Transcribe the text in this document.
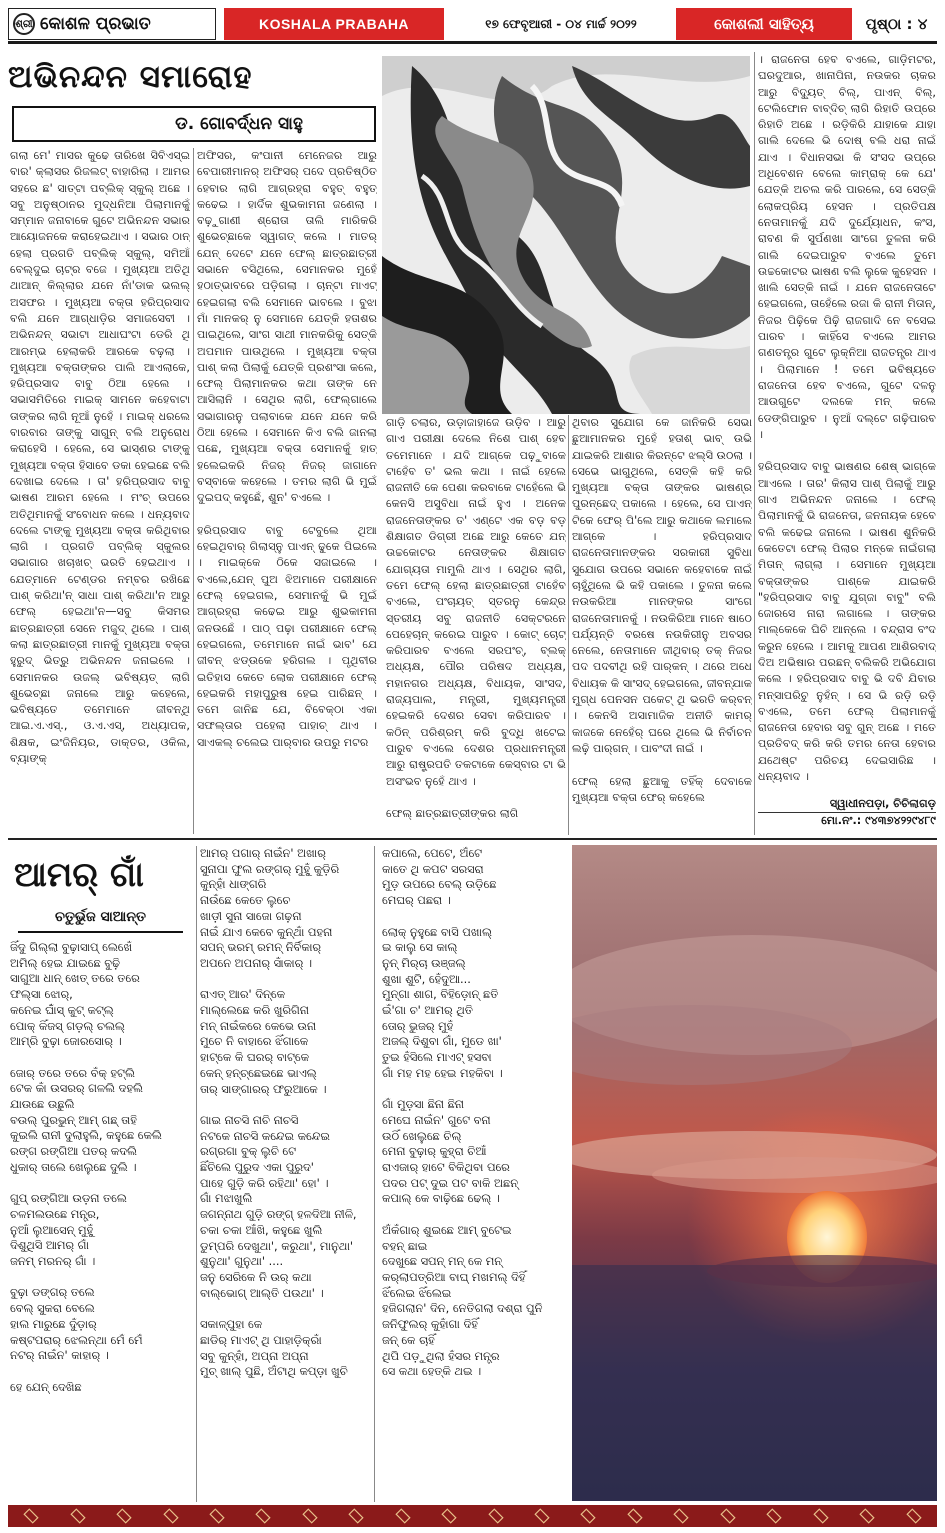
ଶ୍ରୀ କୋଶଳ ପ୍ରଭାତ	KOSHALA PRABAHA	୧୭ ଫେବୃଆରୀ - ୦୪ ମାର୍ଚ୍ଚ ୨୦୨୨	କୋଶଲୀ ସାହିତ୍ୟ	ପୃଷ୍ଠା : ୪
ଅଭିନନ୍ଦନ ସମାରୋହ
ଡ. ଗୋବର୍ଦ୍ଧନ ସାହୁ
ଗଲା ମେ' ମାସର କୁଢେ ତାରିଖେ ସିବିଏସ୍‌ଇ ବାର' କ୍ଲାସର ରିଜଲଟ୍ ବାହାରିଲା । ଆମର ସହରେ ଛ' ସାତ୍‌ଟା ପବ୍‌ଲିକ୍ ସ୍କୁଲ୍ ଅଛେ । ସବୁ ଅନୁଷ୍ଠାନର ମୁଦ୍ଧନିଆ ପିଲାମାନକୁଁ ସମ୍ମାନ ଜନାବାକେ ଗୁଟେ ଅଭିନନ୍ଦନ ସଭାର ଆୟୋଜନକେ କରାହେଇଥାଏ । ସଭାର ଠାନ୍ ହେଲା ପ୍ରଗତି ପବ୍‌ଲିକ୍ ସ୍କୁଲ୍, ସମିଆଁ ବେଲ୍‌ଦୁଇ ଚାଟ୍‌ର ବଜେ । ମୁଖ୍ୟଆ ଅତିଥି ଥାଆନ୍ କିଲ୍ଲାର ଯନେ ନାଁ'ଡାକ ଭଲଲ୍ ଅସଫର । ମୁଖ୍ୟଆ ବକ୍ତା ହରିପ୍ରସାଦ ବଲି ଯନେ ଆଗ୍‌ଧାଡ଼ିର ସମାଜସେବୀ । ଅଭିନନ୍ଦନ୍ ସଭାଟା ଆଧାଘଂଟା ଡେରି ଥି ଆରମ୍ଭ ହେଲାକରି ଆରକେ ବଢ଼ଲା । ମୁଖ୍ୟଆ ବକ୍ତାଙ୍କର ପାଲି ଆଏଲାକେ, ହରିପ୍ରସାଦ ବାବୁ ଠିଆ ହେଲେ । ସଭାସମିତିରେ ମାଇକ୍ ସାମନେ କହେବାଟା ତାଙ୍କର ଲାଗି ନୂଆଁ ନୁହେଁ । ମାଇକ୍ ଧରଲେ ବାରବାର ତାଙ୍କୁ ସାଗୁନ୍ ବଲି ଅନୁରୋଧ କରାହେସି । ହେଲେ, ସେ ଭାସ୍‌ଣର ଟାଙ୍କୁ ମୁଖ୍ୟଆ ବକ୍ତା ହିସାବେ ଡକା ହେଇଛେ ବଲି ଦେଖାଇ ଦେଲେ । ତା' ହରିପ୍ରସାଦ ବାବୁ ଭାଷଣ ଆରମ ହେଲେ । ମଂଚ୍ ଉପରେ ଅତିଥିମାନକୁଁ ସଂବୋଧନ କଲେ । ଧନ୍ୟବାଦ ଦେଲେ ଟାଙ୍କୁ ମୁଖ୍ୟଆ ବକ୍ତା କରିଥିବାର ଲାଗି । ପ୍ରଗତି ପବ୍‌ଲିକ୍ ସ୍କୁଲର ସଭାଗାର ଖଚାଖଚ୍ ଭରତି ହେଇଥାଏ । ଯେତ୍‌ମାନେ ଟେଣ୍ଡର ନମ୍ବର ରଖିଛେ ପାଶ୍ କରିଥା'ନ୍ ସାଧା ପାଶ୍ କରିଥା'ନ ଆରୁ ଫେଲ୍ ହେଇଥା'ନ—ସବୁ କିସମର ଛାତ୍ରଛାତ୍ରୀ ସେନେ ମଜୁଦ୍ ଥିଲେ । ପାଶ୍ କଲା ଛାତ୍ରଛାତ୍ରୀ ମାନକୁଁ ମୁଖ୍ୟଆ ବକ୍ତା ହୁରୁଦ୍ ଭିତ୍ରୁ ଅଭିନନ୍ଦନ ଜନାଇଲେ । ସେମାନକର ଉଜଲ୍ ଭବିଷ୍ୟତ୍ ଲାଗି ଶୁଭେଚ୍ଛା ଜନାଲେ ଆରୁ କହେଲେ, ଭବିଷ୍ୟତେ ତମେମାନେ ଜୀବନ୍‌ଥି ଆଇ.ଏ.ଏସ୍., ଓ.ଏ.ଏସ୍, ଅଧ୍ୟାପକ, ଶିକ୍ଷକ, ଇଂଜିନିୟର, ଡାକ୍ତର, ଓକିଲ, ବ୍ୟାଙ୍କ୍
ଅଫିସର, କଂପାନୀ ମେନେଜର ଆରୁ ବେପାରୀମାନର୍ ଅଫିସର୍ ପଦେ ପ୍ରତିଷ୍ଠିତ ହେବାର ଲାଗି ଆଗ୍ରହ୍‌ରା ବହୁତ୍ ବହୁତ୍ କଢେଇ । ହାର୍ଦିକ ଶୁଭକାମନା ଜଣେଲା । ବଢ଼ୁଗାଣୀ ଶ୍ରୋତା ତାଲି ମାରିକରି ଶୁଭେଚ୍ଛାକେ ସ୍ୱାଗତ୍ କଲେ । ମାତର୍ ଯେନ୍ ଦେଟେ ଯନେ ଫେଲ୍ ଛାତ୍ରଛାତ୍ରୀ ସଭାନେ ବସିଥିଲେ, ସେମାନକର ମୁହେଁ ହଠାତ୍‌ଭାବରେ ପଡ଼ିଗଲା । ଚାନ୍‌ଟା ମାଏଟ୍ ହେଇଗଲା ବଲି ସେମାନେ ଭାବଲେ । ବୁଝା ମାଁ ମାନକର୍ ନୁ ସେମାନେ ଯେତ୍‌କି ହତାଶର ପାଇଥିଲେ, ସାଂଗ ସାଥୀ ମାନକରିକୁ ସେତ୍‌କି ଅପମାନ ପାଉଥିଲେ । ମୁଖ୍ୟଆ ବକ୍ତା ପାଶ୍ କଲା ପିଲାକୁଁ ଯେତ୍‌କି ପ୍ରଶଂସା କଲେ, ଫେଲ୍ ପିଲାମାନକର କଥା ତାଙ୍କ ନେ ଆସିଲାନି । ସେଥିର ଲାଗି, ଫେଲ୍‌ଗାଲେ ସଭାଗାରନୁ ପଲାବାକେ ଯନେ ଯନେ କରି ଠିଆ ହେଲେ । ସେମାନେ କିଏ ବଲି ଜାନଲା ପଛେ, ମୁଖ୍ୟଆ ବକ୍ତା ସେମାନକୁଁ ହାତ୍ ହଲେଇକରି ନିଜର୍ ନିଜର୍ ଜାଗାନେ ବସ୍‌ବାକେ କହେଲେ । ତମର ଲାଗି ଭି ମୁଇଁ ଦୁଇପଦ୍ କହୁଛେଁ, ଶୁନ' ବଏଲେ ।

ହରିପ୍ରସାଦ ବାବୁ ଟେବୁଲେ ଥିଆ ହେଇଥିବାର୍ ଗିଲାସ୍‌ନୁ ପାଏନ୍ ଢୁକେ ପିଇଲେ । ମାଇକ୍‌କେ ଠିକେ ସଜାଇଲେ । ବଏଲେ,ଯେନ୍ ପୁଅ ଝିଅମାନେ ପରୀକ୍ଷାନେ ଫେଲ୍ ହେଇଗଲ, ସେମାନକୁଁ ଭି ମୁଇଁ ଆଗ୍ରହ୍‌ରା କଢେଇ ଆରୁ ଶୁଭକାମନା ଜନଉଛେଁ । ପାଠ୍ ପଢ଼ା ପରୀକ୍ଷାନେ ଫେଲ୍ ହେଇଗଲେ, ତମେମାନେ ନାଇଁ ଭାବ' ଯେ ଜୀବନ୍ ଝଡ୍‌ଉକେ ହରିଗଲ । ପୃଥିବୀର ଇତିହାସ କେତେ ଲୋକ ପରୀକ୍ଷାନେ ଫେଲ୍ ହେଇକରି ମହାପୁରୁଷ ହେଇ ପାରିଛନ୍ । ତମେ ଜାନିଛ ଯେ, ବିବେକ୍‌ଠା ଏକା ସଫଲ୍‌ତାର ପହେଲା ପାହାଚ୍ ଥାଏ । ସାଏକଲ୍ ଚଲେଇ ପାର୍‌ବାର ଉପରୁ ମଟର
ଗାଡ଼ି ଚଲାର, ଉଡ଼ାଜାହାଜେ ଉଡ଼ିବ । ଆରୁ ଗାଏ ପରୀକ୍ଷା ଦେଲେ ନିଶେ ପାଶ୍ ହେବ ତମେମାନେ । ଯଦି ଆଗ୍‌କେ ପଢ଼ୁବାକେ ଟାହେଁବ ତ' ଭଲ କଥା । ନାଇଁ ହେଲେ ରାଜନୀତି କେ ପେଶା କରବାକେ ଟାହେଁଲେ ଭି କେନସି ଅସୁବିଧା ନାଇଁ ହୁଏ । ଅନେକ ରାଜନେତାଙ୍କର ତ' ଏଣ୍ଟେ ଏକ ବଡ଼ ବଡ଼ ଶିକ୍ଷାଗତ ଡିଗ୍ରୀ ଅଛେ ଆରୁ କେତେ ଯନ୍ ଉଚ୍ଚକୋଟର ନେତାଙ୍କର ଶିକ୍ଷାଗତ ଯୋଗ୍ୟତା ମାମୁଲି ଥାଏ । ସେଥିର ଲାଗି, ତମେ ଫେଲ୍ ହେଲା ଛାତ୍ରଛାତ୍ରୀ ଟାହେଁବ ବଏଲେ, ପଂଚାୟତ୍ ସ୍ତରନୁ କେନ୍ଦ୍ର ସ୍ତରୀୟ ସବୁ ରାଜନୀତି ସେକ୍ଟରନେ ପେହେଚାନ୍ କରେଇ ପାରୁବ । କୋଟ୍ ଚୋଟ୍ କରିପାରବ ବଏଲେ ସରପଂଚ୍, ବ୍ଲକ୍ ଅଧ୍ୟକ୍ଷ, ପୌର ପରିଷଦ ଅଧ୍ୟକ୍ଷ, ମହାନଗର ଅଧ୍ୟକ୍ଷ, ବିଧାୟକ, ସାଂସଦ, ରାଜ୍ୟପାଲ, ମନ୍ତ୍ରୀ, ମୁଖ୍ୟମନ୍ତ୍ରୀ ହେଇକରି ଦେଶର ସେବା କରିପାରବ । କଠିନ୍ ପରିଶ୍ରମ୍ କରି ବୁଦ୍ଧି ଖଟେଇ ପାରୁବ ବଏଲେ ଦେଶର ପ୍ରଧାନମନ୍ତ୍ରୀ ଆରୁ ରାଷ୍ଟ୍ରପତି ତକଟାକେ କେସ୍‌ବାର ଟା ଭି ଅସଂଭବ ନୁହେଁ ଥାଏ ।

ଫେଲ୍ ଛାତ୍ରଛାତ୍ରୀଙ୍କର ଲାଗି
ଥିବାର ସୁଯୋଗ କେ ଜାନିକରି ସେଭା ଛୁଆମାନକର ମୁହେଁ ହତାଶ୍ ଭାବ୍ ଉଭି ଯାଇକରି ଆଶାର କିରନ୍‌ଟେ ଝଲ୍‌ସି ଉଠଲା । ସେଭେ ଭାଗୁଥିଲେ, ସେତ୍‌କି କହି କରି ମୁଖ୍ୟଆ ବକ୍ତା ତାଙ୍କର ଭାଷଣ୍‌ର ପୁରନ୍‌ଛେଦ୍ ପକାଲେ । ହେଲେ, ସେ ପାଏନ୍ ଟିକେ ଫେର୍ ପି'ଲେ ଆରୁ କଥାକେ ଲମାଲେ ଆଗ୍‌କେ । ହରିପ୍ରସାଦ ରାଜନେତାମାନଙ୍କର ସରକାରୀ ସୁବିଧା ସୁଯୋଗ ଉପରେ ସଭାନେ କହେବାକେ ନାଇଁ ଚାହୁଁଥିଲେ ଭି କହି ପକାଲେ । ତୁଳନା କଲେ ନଉକରିଆ ମାନଙ୍କର ସାଂଗେ ରାଜନେତାମାନକୁଁ । ନଉକିରିଆ ମାନେ ଷାଠେ ପର୍ଯ୍ୟନ୍ତି ବରଷେ ନଉକିରୀନୁ ଅବସର ନେଲେ, ନେତାମାନେ ଜୀଥିବାର୍ ତକ୍ ନିଜର ପଦ ପଦବୀଥି ରହି ପାର୍‌କନ୍ । ଥରେ ଅଧେ ବିଧାୟକ କି ସାଂସଦ୍ ହେଇଗଲେ, ଜୀବନ୍‌ଯାକ ମୁଗ୍ଧ ପେନସନ ପକେଟ୍ ଥି ଭରତି କର୍‌ବନ୍ । କେନସି ଅସାମାଜିକ ଅନୀତି କାମର୍ କାଜକେ ନେହେଁର୍ ଘରେ ଥିଲେ ଭି ନିର୍ବାଚନ ଲଢ଼ି ପାର୍‌ଗନ୍ । ପାବଂଦୀ ନାଇଁ ।

ଫେଲ୍ ହେଲା ଛୁଆକୁ ତହିଁକ୍ ଦେବାକେ ମୁଖ୍ୟଆ ବକ୍ତା ଫେର୍ କହେଲେ
। ରାଜନେତା ହେବ ବଏଲେ, ଗାଡ଼ିମଟର, ଘରଦୁଆର, ଖାନାପିନା, ନଉକର ଚାକର ଆରୁ ବିଦ୍ୟୁତ୍ ବିଲ୍, ପାଏନ୍ ବିଲ୍, ଟେଲିଫୋନ ବାବ୍‌ଦିଚ୍ ଲାଗି ରିହାତି ଉପ୍‌ରେ ରିହାତି ଅଛେ । ରଡ଼ିକିରି ଯାହାକେ ଯାହା ଗାଲି ଦେଲେ ଭି ଦୋଷ୍ ବଲି ଧରା ନାଇଁ ଯାଏ । ବିଧାନସଭା କି ସଂସଦ ଉପ୍‌ରେ ଅଧିବେଶନ ବେଲେ କାମ୍‌ରାକ୍ କେ ଯେ' ଯେତ୍‌କି ଅଚଲ କରି ପାରଲେ, ସେ ସେତ୍‌କି ଲୋକପ୍ରିୟ ହେସନ । ପ୍ରତିପକ୍ଷ ନେତାମାନକୁଁ ଯଦି ଦୁର୍ଯ୍ୟୋଧନ, କଂସ, ରାବଣ କି ସୁର୍ପଣଖା ସାଂଗେ ତୁଳନା କରି ଗାଲି ଦେଇପାରୁବ ବଏଲେ ତୁମେ ଉଚ୍ଚକୋଟର ଭାଷଣ ବଲି ଲୁକେ କୁହେସନ । ଖାଲି ସେତ୍‌କି ନାଇଁ । ଯନେ ରାଜନେତାଟେ ହେଇଗଲେ, ତାହେଁଲେ ରଜା କି ରାନୀ ମିତାନ୍, ନିଜର ପିଢ଼ିକେ ପିଢ଼ି ରାଜଗାଦି ନେ ବସେଇ ପାରବ । କାହିଁସେ ବଏଲେ ଆମର ଗଣତନ୍ତ୍ର ଗୁଟେ ଲୁକ୍‌ନିଆ ରାଜତନ୍ତ୍ର ଥାଏ । ପିଲାମାନେ ! ତମେ ଭବିଷ୍ୟତେ ରାଜନେତା ହେବ ବଏଲେ, ଗୁଟେ ଦଳନୁ ଆଉଗୁଟେ ଦଲକେ ମନ୍‌ କଲେ ଡେଙ୍ଗିପାରୁବ । ନୁଆଁ ଦଲ୍‌ଟେ ଗଢ଼ିପାରବ ।

ହରିପ୍ରସାଦ ବାବୁ ଭାଷଣର ଶେଷ୍ ଭାଗ୍‌କେ ଆଏଲେ । ତାର' କିଲାସ ପାଶ୍ ପିଲାକୁଁ ଆରୁ ଗାଏ ଅଭିନନ୍ଦନ ଜନାଲେ । ଫେଲ୍ ପିଲାମାନକୁଁ ଭି ରାଜନେତା, ଜନନାୟକ ହେବେ ବଲି କଢେଇ ଜନାଲେ । ଭାଷଣ ଶୁନିକରି କେତେଟା ଫେଲ୍ ପିଲାର ମନ୍‌କେ ନାଇଁଗଲା ମିତାନ୍ ଲାଗ୍‌ଲା । ସେମାନେ ମୁଖ୍ୟଆ ବକ୍ତାଙ୍କର ପାଶ୍‌କେ ଯାଇକରି "ହରିପ୍ରସାଦ ବାବୁ ଯୁଗ୍‌ଜା ବାବୁ" ବଲି ଜୋରସେ ନାରା ଲଗାଲେ । ତାଙ୍କର ମାଲ୍‌କେକେ ଘିଚି ଆନ୍‌ଲେ । ବନ୍ଦ୍‌ରାସ ବଂଦ କରୁନ ହେଲେ । ଆମକୁ ଆପଣ ଆଶିରବାଦ୍ ଦିଅ ଅଭିଷାର ପରଛନ୍ ବଲିକରି ଅଭିଯୋଗ କଲେ । ହରିପ୍ରସାଦ ବାବୁ ଭି ଦବି ଯିବାର ମନ୍‌ସାପରିଚୁ ନୁହଁନ୍ । ସେ ଭି ରଡ଼ି ରଡ଼ି ବଏଲେ, ତମେ ଫେଲ୍ ପିଲାମାନକୁଁ ରାଜନେତା ହେବାର ସବୁ ଗୁନ୍ ଅଛେ । ମତେ ପ୍ରତିବଦ୍ କରି କରି ତମର ନେତା ହେବାର ଯଥେଷ୍ଟ ପରିଚୟ ଦେଇସାରିଛ । ଧନ୍ୟବାଦ ।
ସ୍ୱାଧୀନପଡ଼ା, ଚିଚିଲାଗଡ଼
ମୋ.ନଂ.: ୯୪୩୭୪୨୨୯୪୮୯
ଆମର୍ ଗାଁ
ଚତୁର୍ଭୁଜ ସାଆନ୍ତ
ଜିଁଦୁ ଗିଲ୍‌ଲା ବୁଢ଼ାସାପ୍ ଲେଖେଁ
ଅମିଲ୍ ହେଇ ଯାଇଛେ ବୁଢ଼ି
ସାଗୁଆ ଧାନ୍ ଖେତ୍ ତରେ ତରେ
ଫଲ୍‌ସା ଝୋର୍,
କନେଇ ଘାଁଁସ୍ କୁଟ୍ କଟ୍‌ଲ୍
ପୋକ୍ କିଁଜସ୍ ଗଡ଼ଲ୍ ଚଲଲ୍
ଆମ୍‌ରି ବୁଢ଼ା ଜୋରସୋର୍ ।

ଜୋର୍ ତରେ ତରେ ବଁକ୍ ହଟ୍‌ଲି
ଟେକ କାଁ ଉସରର୍ ଗଳଲି ଦହଲି
ଯାଉଛେ ଉଛୁଲି
ବଉଲ୍ ପୁରଭୁନ୍ ଆମ୍ ଗଛ୍ ତାହି
କୁଇଲି ରାନୀ ଦୁଲାହୁଲି, କହୁଛେ କେଲି
ରଙ୍ଗ ରଙ୍ଗିଆ ପତର୍ କଦଲି
ଧୁକାର୍ ତାଲେ ଖେଲୁଛେ ଦୁଲି ।

ଗୁପ୍ ରଙ୍ଗିଆ ଉଡ଼ନା ତଲେ
ଚଳମଲଉଛେ ମନ୍ତ୍ର,
ନୁଆଁ ଲୁଆସେନ୍ ମୁହୁଁ
ଦିଶୁଥିସି ଆମର୍ ଗାଁ
ଜନମ୍ ମରନର୍ ଗାଁ ।

ବୁଢ଼ା ଡଙ୍ଗର୍ ତଲେ
ବେଲ୍ ସୁକରା ବେଲେ
ହାଲ ମାରୁଛେ ଦୁଁଡ଼ାର୍
କଷ୍ଟପରାର୍ ଝେଲନ୍‌ଥା ମେଁ ମେଁ
ନଟର୍ ନାଇଁନ' କାହାର୍ ।

ହେ ଯେନ୍ ଦେଖିଛ
ଆମର୍ ପଗାର୍ ନାଇଁନ' ଅଖାର୍
ସୁନାପା ଫୁଲ ରଙ୍ଗର୍ ମୁହୁଁ କୁଡ଼ିରି
କୁନ୍‌ହାଁ ଧାଙ୍ଗରି
ନାଉଁଛେ କେତେ ଲୁଚେ
ଖାଡ଼ୀ ସୁନା ସାଜୋ ଗଢ଼ନା
ନାଇଁ ଯାଏ କେବେ କୁନ୍‌ଥାଁ ପହନା
ସପନ୍ ଭରମ୍ ରମନ୍ ନିର୍ବିକାର୍
ଅପନେ ଅପନାର୍ ସାଁକାର୍ ।

ରାଏତ୍ ଆର' ଦିନ୍‌କେ
ମାଲ୍ଲେଛେ କରି ଖୁରିଗିନା
ମନ୍ ନାଇଁକରେ କେଭେ ଉନା
ମୁଚେ ନି ବାହାରେ ଝିଁଗାକେ
ହାଟ୍‌କେ କି ଘରର୍ ବାଟ୍‌କେ
କେନ୍ ହନ୍‌ଚ୍ଛେଇଛେ ଭାଏଲ୍
ତାର୍ ସାଙ୍ଗାରର୍ ଫରୁଆକେ ।

ଗାଇ ନାଚସି ନାଚି ନାଚସି
ନଟକେ ନାଚସି କନ୍ଦେଇ କନ୍ଦେଇ
ରଗ୍‌ରଗା ବୁକ୍ ଲୁଚି ଟେ
ଛିଁଚିଲେ ପୁରୁଦ ଏକା ପୁରୁଦ'
ପାହେ ଗୁଡ଼ି କରି ରହିଥା' ହୋ' ।
ଗାଁ ମଝାଖୁଲି
ଜଗନ୍ନାଥ ଗୁଡ଼ି ରଙ୍ଗ୍ ହଳଦିଆ ନୀଳି,
ଚକା ଚକା ଆଁଖି, କହୁଛେ ଖୁଲି
ଡୁମ୍‌ପରି ଦେଖୁଥା', କରୁଥା', ମାନୁଥା'
ଶୁନୁଥା' ଗୁନୁଥା' ....
ଜନୁ ସେରିକେ ନି ଉର୍ କଥା
ବାଲ୍‌ଭୋଗ୍ ଆଲ୍‌ତି ପଉଥା' ।

ସକାଳ୍‌ପୁହା କେ
ଛାଡିର୍ ମାଏଟ୍ ଥି ପାହାଡ଼ିକ୍‌ରାଁ
ସବୁ କୁନ୍‌ହାଁ, ଅପ୍‌ନା ଅପ୍‌ନା
ମୁଚ୍ ଖାଲ୍ ପୁଛି, ଅଁଟାଥି କପ୍‌ଡ଼ା ଖୁଚି
କପାଲେ, ପେଟେ, ଅଁଟେ
କାତେ ଥି କପଟ ସରସରା
ମୁଡ଼ ଉପରେ ବେଲ୍ ଉଡ଼ିଛେ
ମେଘର୍ ପଛରା ।

ଲୋକ୍ ନୁହୁଛେ ବାସି ପଖାଲ୍
ଇ କାଲୁ ସେ କାଲ୍
ନୁନ୍ ମିର୍‌ଚା ଉଞ୍ଜଲ୍
ଶୁଖା ଶୁଟି, ହେଁଦୁଆ...
ମୁନ୍‌ଗା ଶାଗ, ବିହିଡ଼ୋନ୍ ଛତି
ଇଁ'ଗା ଚ' ଆମର୍ ଥିତି
ତୋର୍ ଭୁଜର୍ ମୁହଁ
ଅଜଲ୍ ଦିଶୁବା ଗାଁ, ମୁଡେ ଖା'
ତୁଇ ହଁସିଲେ ମାଏଟ୍ ହସବା
ଗାଁ ମହ ମହ ହେଇ ମହକିବା ।

ଗାଁ ମୁଡ଼ସା ଛିନା ଛିନା
ମେଘେ ନାଇଁନ' ଗୁଟେ ବନା
ଉଠିଁ ଖେଲୁଛେ ଚିଲ୍
ମେନା ବୁଢ଼ାର୍ କୁହ୍‌ରା ଚିଆଁ
ରାଏଜାର୍ ହାଟେ ବିକିଥିବା ପରେ
ପଦର ପଟ୍ ଦୁଇ ପଟ ବାକି ଅଛନ୍
କପାଲ୍ କେ ବାଢ଼ିଛେ ଢେଲ୍ ।

ଅଁକଁଗାର୍ ଶୁଇଛେ ଆମ୍ ବୁଟେଇ
ବହନ୍ ଛାଇ
ଦେଖୁଛେ ସପନ୍ ମନ୍ କେ ମନ୍
କର୍‌ଲାପତ୍‌ରିଆ ବାଘ୍ ମଖମଲ୍ ଦିହିଁ
ଝିଁଲେଇ ଝିଁଲେଇ
ହଜିଗଲାନ' ଦିନ, ନେତିଗଲା ଦଶ୍‌ରା ପୁନି
ଜନିଫୁଲର୍ କୁହାଁଗା ଦିହିଁ
ଜନ୍ କେ ଚାହିଁ
ଥିପି ପଡ଼ୁଥିଲା ହଁସର ମନ୍ତ୍ର
ସେ କଥା ହେତ୍‌କି ଥଇ ।
